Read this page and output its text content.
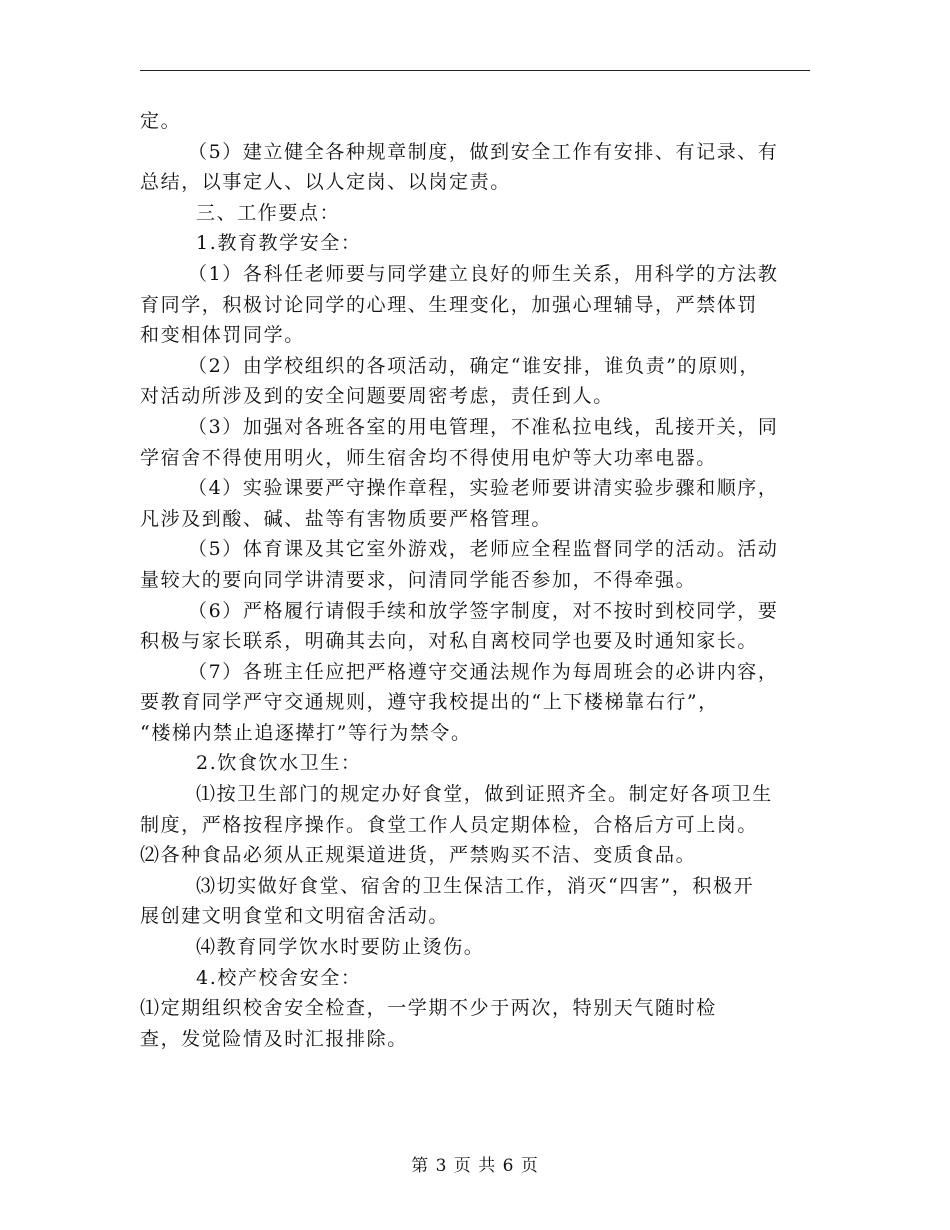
定。
（5）建立健全各种规章制度，做到安全工作有安排、有记录、有
总结，以事定人、以人定岗、以岗定责。
三、工作要点：
1.教育教学安全：
（1）各科任老师要与同学建立良好的师生关系，用科学的方法教
育同学，积极讨论同学的心理、生理变化，加强心理辅导，严禁体罚
和变相体罚同学。
（2）由学校组织的各项活动，确定“谁安排，谁负责”的原则，
对活动所涉及到的安全问题要周密考虑，责任到人。
（3）加强对各班各室的用电管理，不准私拉电线，乱接开关，同
学宿舍不得使用明火，师生宿舍均不得使用电炉等大功率电器。
（4）实验课要严守操作章程，实验老师要讲清实验步骤和顺序，
凡涉及到酸、碱、盐等有害物质要严格管理。
（5）体育课及其它室外游戏，老师应全程监督同学的活动。活动
量较大的要向同学讲清要求，问清同学能否参加，不得牵强。
（6）严格履行请假手续和放学签字制度，对不按时到校同学，要
积极与家长联系，明确其去向，对私自离校同学也要及时通知家长。
（7）各班主任应把严格遵守交通法规作为每周班会的必讲内容，
要教育同学严守交通规则，遵守我校提出的“上下楼梯靠右行”，
“楼梯内禁止追逐撵打”等行为禁令。
2.饮食饮水卫生：
⑴按卫生部门的规定办好食堂，做到证照齐全。制定好各项卫生
制度，严格按程序操作。食堂工作人员定期体检，合格后方可上岗。
⑵各种食品必须从正规渠道进货，严禁购买不洁、变质食品。
⑶切实做好食堂、宿舍的卫生保洁工作，消灭“四害”，积极开
展创建文明食堂和文明宿舍活动。
⑷教育同学饮水时要防止烫伤。
4.校产校舍安全：
⑴定期组织校舍安全检查，一学期不少于两次，特别天气随时检
查，发觉险情及时汇报排除。
第 3 页 共 6 页
